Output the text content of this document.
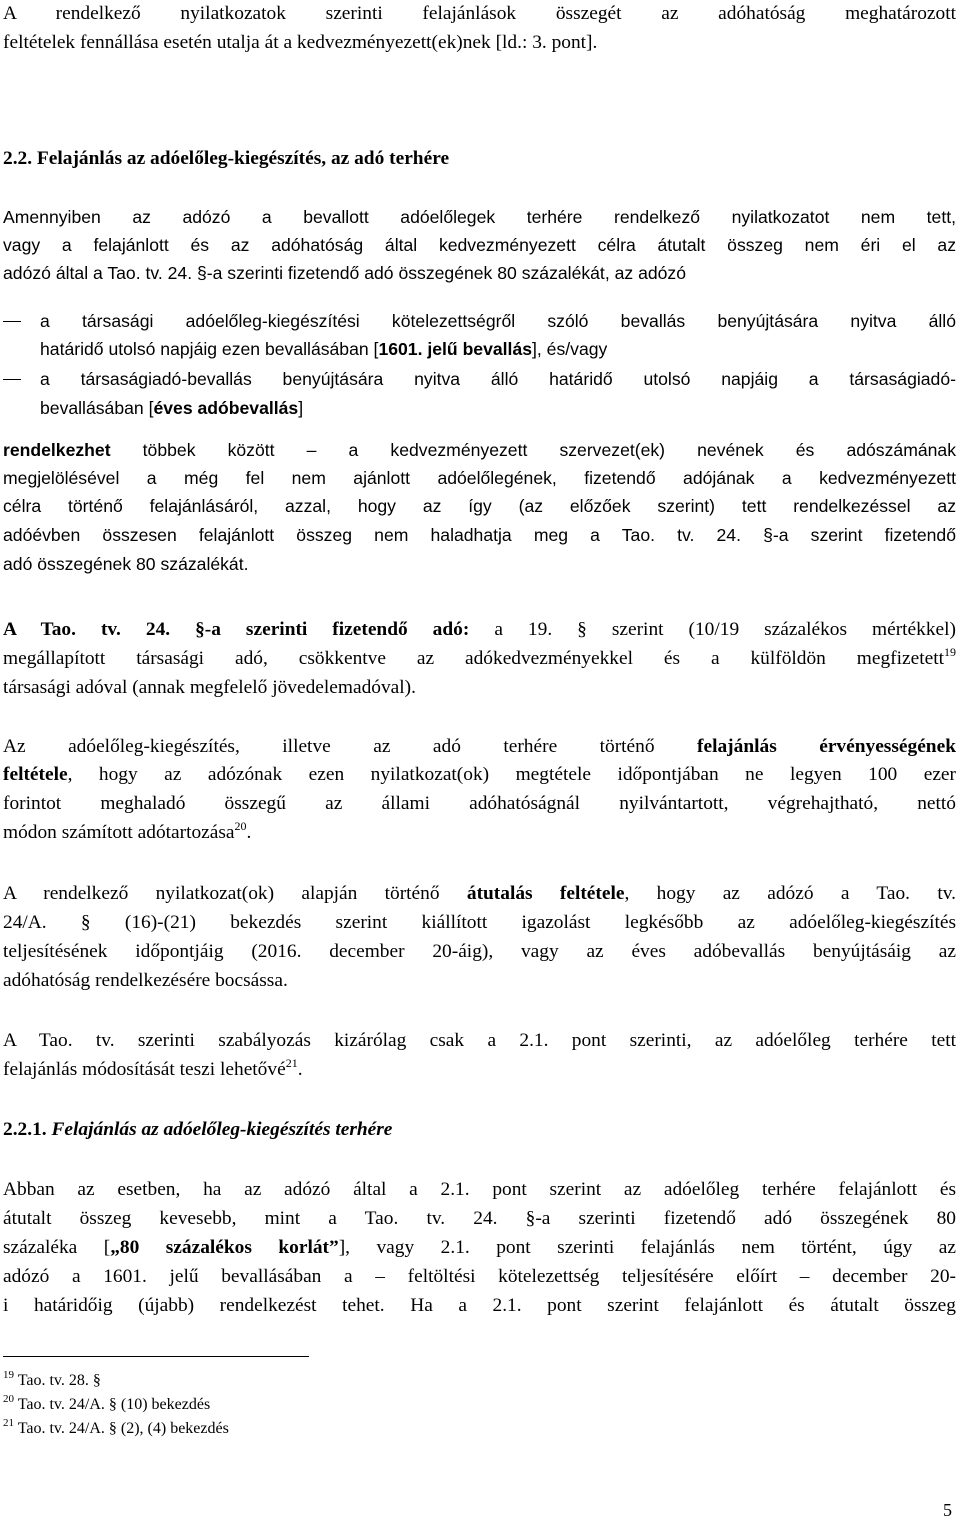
A rendelkező nyilatkozatok szerinti felajánlások összegét az adóhatóság meghatározott
feltételek fennállása esetén utalja át a kedvezményezett(ek)nek [ld.: 3. pont].
2.2. Felajánlás az adóelőleg-kiegészítés, az adó terhére
Amennyiben az adózó a bevallott adóelőlegek terhére rendelkező nyilatkozatot nem tett,
vagy a felajánlott és az adóhatóság által kedvezményezett célra átutalt összeg nem éri el az
adózó által a Tao. tv. 24. §-a szerinti fizetendő adó összegének 80 százalékát, az adózó
a társasági adóelőleg-kiegészítési kötelezettségről szóló bevallás benyújtására nyitva álló
határidő utolsó napjáig ezen bevallásában [1601. jelű bevallás], és/vagy
a társaságiadó-bevallás benyújtására nyitva álló határidő utolsó napjáig a társaságiadó-
bevallásában [éves adóbevallás]
rendelkezhet többek között – a kedvezményezett szervezet(ek) nevének és adószámának
megjelölésével a még fel nem ajánlott adóelőlegének, fizetendő adójának a kedvezményezett
célra történő felajánlásáról, azzal, hogy az így (az előzőek szerint) tett rendelkezéssel az
adóévben összesen felajánlott összeg nem haladhatja meg a Tao. tv. 24. §-a szerint fizetendő
adó összegének 80 százalékát.
A Tao. tv. 24. §-a szerinti fizetendő adó: a 19. § szerint (10/19 százalékos mértékkel)
megállapított társasági adó, csökkentve az adókedvezményekkel és a külföldön megfizetett$^{19}$
társasági adóval (annak megfelelő jövedelemadóval).
Az adóelőleg-kiegészítés, illetve az adó terhére történő felajánlás érvényességének
feltétele, hogy az adózónak ezen nyilatkozat(ok) megtétele időpontjában ne legyen 100 ezer
forintot meghaladó összegű az állami adóhatóságnál nyilvántartott, végrehajtható, nettó
módon számított adótartozása$^{20}$.
A rendelkező nyilatkozat(ok) alapján történő átutalás feltétele, hogy az adózó a Tao. tv.
24/A. § (16)-(21) bekezdés szerint kiállított igazolást legkésőbb az adóelőleg-kiegészítés
teljesítésének időpontjáig (2016. december 20-áig), vagy az éves adóbevallás benyújtásáig az
adóhatóság rendelkezésére bocsássa.
A Tao. tv. szerinti szabályozás kizárólag csak a 2.1. pont szerinti, az adóelőleg terhére tett
felajánlás módosítását teszi lehetővé$^{21}$.
2.2.1. Felajánlás az adóelőleg-kiegészítés terhére
Abban az esetben, ha az adózó által a 2.1. pont szerint az adóelőleg terhére felajánlott és
átutalt összeg kevesebb, mint a Tao. tv. 24. §-a szerinti fizetendő adó összegének 80
százaléka [„80 százalékos korlát”], vagy 2.1. pont szerinti felajánlás nem történt, úgy az
adózó a 1601. jelű bevallásában a – feltöltési kötelezettség teljesítésére előírt – december 20-
i határidőig (újabb) rendelkezést tehet. Ha a 2.1. pont szerint felajánlott és átutalt összeg
$^{19}$ Tao. tv. 28. §
$^{20}$ Tao. tv. 24/A. § (10) bekezdés
$^{21}$ Tao. tv. 24/A. § (2), (4) bekezdés
5
